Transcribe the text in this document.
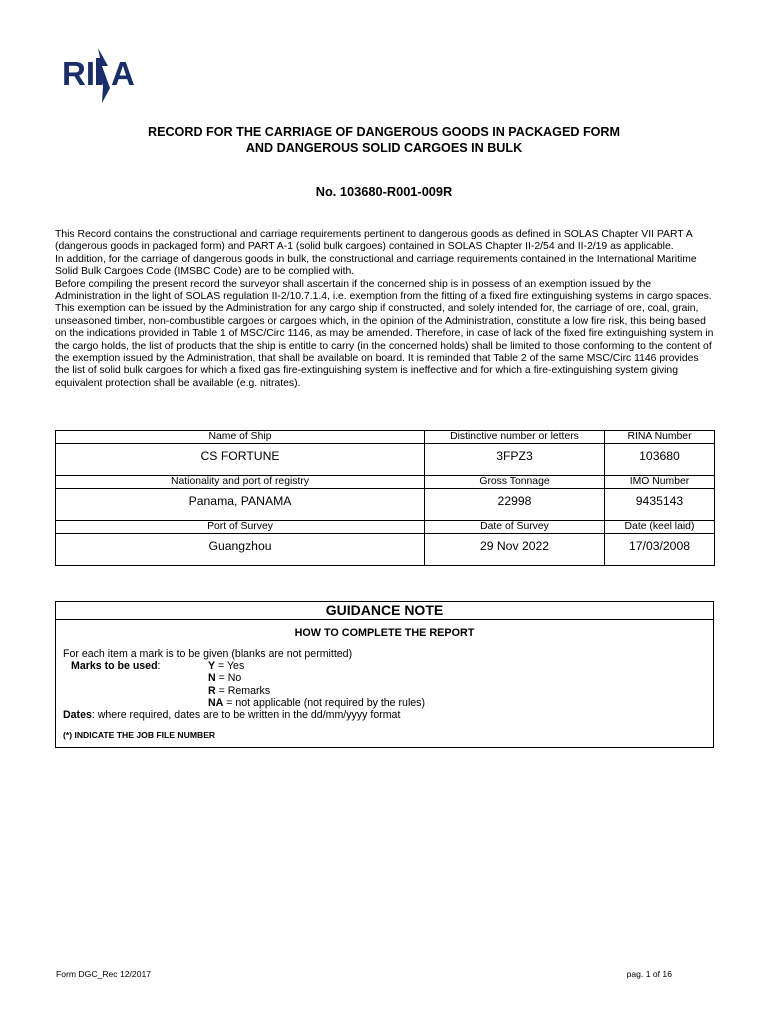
RI A
RECORD FOR THE CARRIAGE OF DANGEROUS GOODS IN PACKAGED FORM
AND DANGEROUS SOLID CARGOES IN BULK
No. 103680-R001-009R

This Record contains the constructional and carriage requirements pertinent to dangerous goods as defined in SOLAS Chapter VII PART A (dangerous goods in packaged form) and PART A-1 (solid bulk cargoes) contained in SOLAS Chapter II-2/54 and II-2/19 as applicable.

In addition, for the carriage of dangerous goods in bulk, the constructional and carriage requirements contained in the International Maritime Solid Bulk Cargoes Code (IMSBC Code) are to be complied with.

Before compiling the present record the surveyor shall ascertain if the concerned ship is in possess of an exemption issued by the Administration in the light of SOLAS regulation II-2/10.7.1.4, i.e. exemption from the fitting of a fixed fire extinguishing systems in cargo spaces. This exemption can be issued by the Administration for any cargo ship if constructed, and solely intended for, the carriage of ore, coal, grain, unseasoned timber, non-combustible cargoes or cargoes which, in the opinion of the Administration, constitute a low fire risk, this being based on the indications provided in Table 1 of MSC/Circ 1146, as may be amended. Therefore, in case of lack of the fixed fire extinguishing system in the cargo holds, the list of products that the ship is entitle to carry (in the concerned holds) shall be limited to those conforming to the content of the exemption issued by the Administration, that shall be available on board. It is reminded that Table 2 of the same MSC/Circ 1146 provides the list of solid bulk cargoes for which a fixed gas fire-extinguishing system is ineffective and for which a fire-extinguishing system giving equivalent protection shall be available (e.g. nitrates).

Name of Ship	Distinctive number or letters	RINA Number
CS FORTUNE	3FPZ3	103680
Nationality and port of registry	Gross Tonnage	IMO Number
Panama, PANAMA	22998	9435143
Port of Survey	Date of Survey	Date (keel laid)
Guangzhou	29 Nov 2022	17/03/2008
GUIDANCE NOTE
HOW TO COMPLETE THE REPORT
For each item a mark is to be given (blanks are not permitted)
Marks to be used:	Y = Yes
N = No
R = Remarks
NA = not applicable (not required by the rules)
Dates: where required, dates are to be written in the dd/mm/yyyy format
(*) INDICATE THE JOB FILE NUMBER
Form DGC_Rec 12/2017	pag. 1 of 16
